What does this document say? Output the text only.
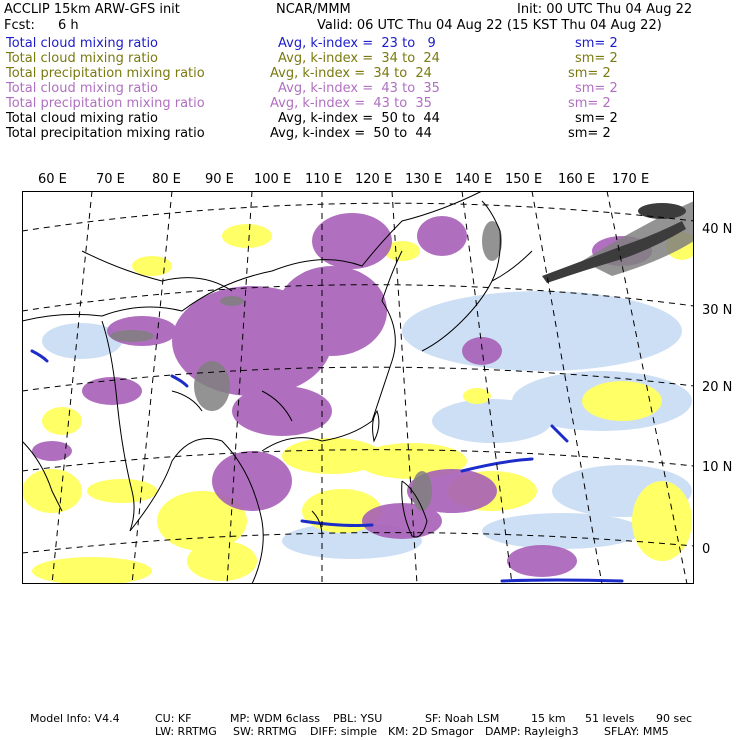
ACCLIP 15km ARW-GFS init	NCAR/MMM	Init: 00 UTC Thu 04 Aug 22
Fcst: 6 h	Valid: 06 UTC Thu 04 Aug 22 (15 KST Thu 04 Aug 22)
Total cloud mixing ratio	Avg, k-index =  23 to   9	sm= 2
Total cloud mixing ratio	Avg, k-index =  34 to  24	sm= 2
Total precipitation mixing ratio	Avg, k-index =  34 to  24	sm= 2
Total cloud mixing ratio	Avg, k-index =  43 to  35	sm= 2
Total precipitation mixing ratio	Avg, k-index =  43 to  35	sm= 2
Total cloud mixing ratio	Avg, k-index =  50 to  44	sm= 2
Total precipitation mixing ratio	Avg, k-index =  50 to  44	sm= 2
60 E 70 E 80 E 90 E 100 E 110 E 120 E 130 E 140 E 150 E 160 E 170 E
40 N
30 N
20 N
10 N
0
Model Info: V4.4	CU: KF	MP: WDM 6class PBL: YSU	SF: Noah LSM	15 km 51 levels 90 sec
LW: RRTMG SW: RRTMG DIFF: simple KM: 2D Smagor DAMP: Rayleigh3 SFLAY: MM5
